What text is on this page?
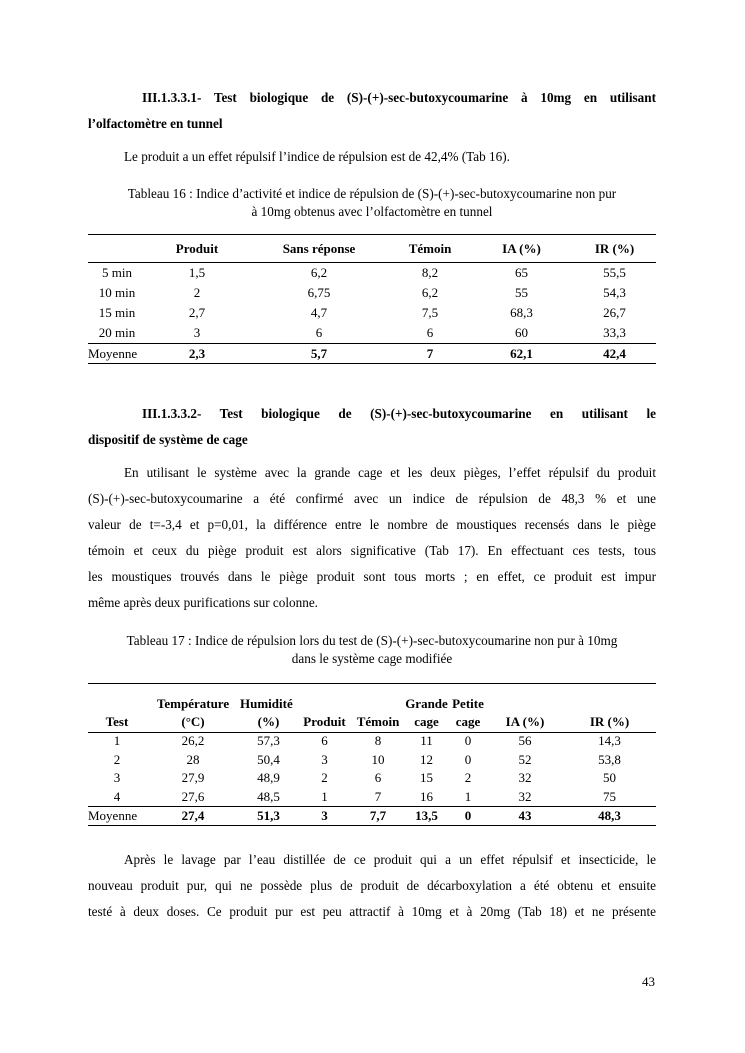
III.1.3.3.1- Test biologique de (S)-(+)-sec-butoxycoumarine à 10mg en utilisant
l’olfactomètre en tunnel
Le produit a un effet répulsif l’indice de répulsion est de 42,4% (Tab 16).
Tableau 16 : Indice d’activité et indice de répulsion de (S)-(+)-sec-butoxycoumarine non pur
à 10mg obtenus avec l’olfactomètre en tunnel
	Produit	Sans réponse	Témoin	IA (%)	IR (%)
5 min	1,5	6,2	8,2	65	55,5
10 min	2	6,75	6,2	55	54,3
15 min	2,7	4,7	7,5	68,3	26,7
20 min	3	6	6	60	33,3
Moyenne	2,3	5,7	7	62,1	42,4
III.1.3.3.2- Test biologique de (S)-(+)-sec-butoxycoumarine en utilisant le
dispositif de système de cage
En utilisant le système avec la grande cage et les deux pièges, l’effet répulsif du produit
(S)-(+)-sec-butoxycoumarine a été confirmé avec un indice de répulsion de 48,3 % et une
valeur de t=-3,4 et p=0,01, la différence entre le nombre de moustiques recensés dans le piège
témoin et ceux du piège produit est alors significative (Tab 17). En effectuant ces tests, tous
les moustiques trouvés dans le piège produit sont tous morts ; en effet, ce produit est impur
même après deux purifications sur colonne.
Tableau 17 : Indice de répulsion lors du test de (S)-(+)-sec-butoxycoumarine non pur à 10mg
dans le système cage modifiée
	Température	Humidité			Grande	Petite		
Test	(°C)	(%)	Produit	Témoin	cage	cage	IA (%)	IR (%)
1	26,2	57,3	6	8	11	0	56	14,3
2	28	50,4	3	10	12	0	52	53,8
3	27,9	48,9	2	6	15	2	32	50
4	27,6	48,5	1	7	16	1	32	75
Moyenne	27,4	51,3	3	7,7	13,5	0	43	48,3
Après le lavage par l’eau distillée de ce produit qui a un effet répulsif et insecticide, le
nouveau produit pur, qui ne possède plus de produit de décarboxylation a été obtenu et ensuite
testé à deux doses. Ce produit pur est peu attractif à 10mg et à 20mg (Tab 18) et ne présente
43
